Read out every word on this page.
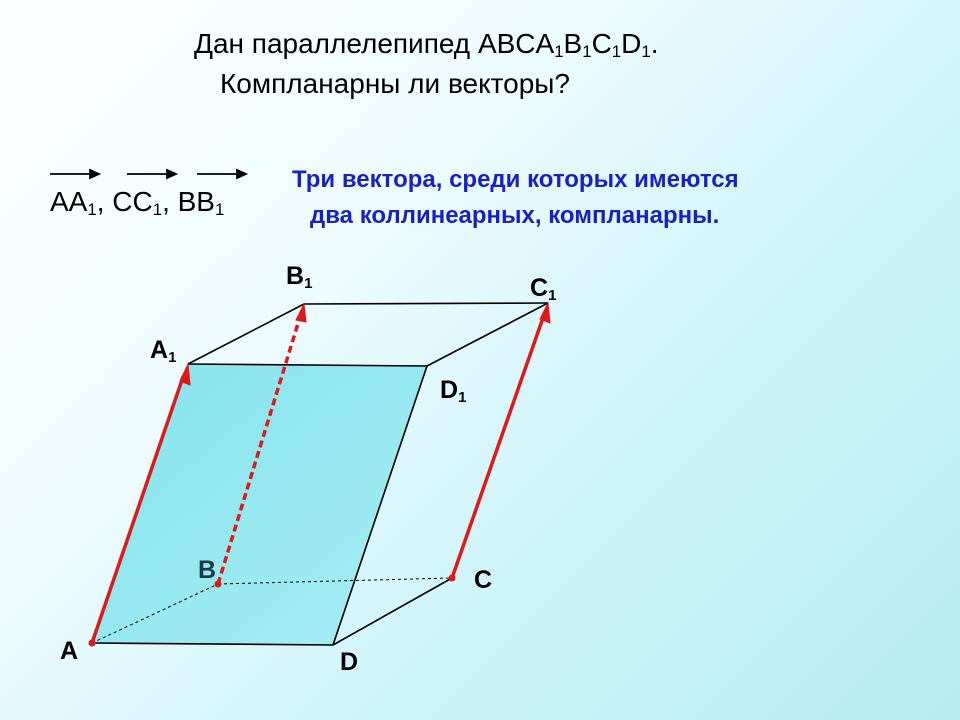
Дан параллелепипед $ABCA_1B_1C_1D_1$.
Компланарны ли векторы?
$AA_1$, $CC_1$, $BB_1$
Три вектора, среди которых имеются
два коллинеарных, компланарны.
$B_1$	$C_1$
$A_1$
$D_1$
B	C
A	D
